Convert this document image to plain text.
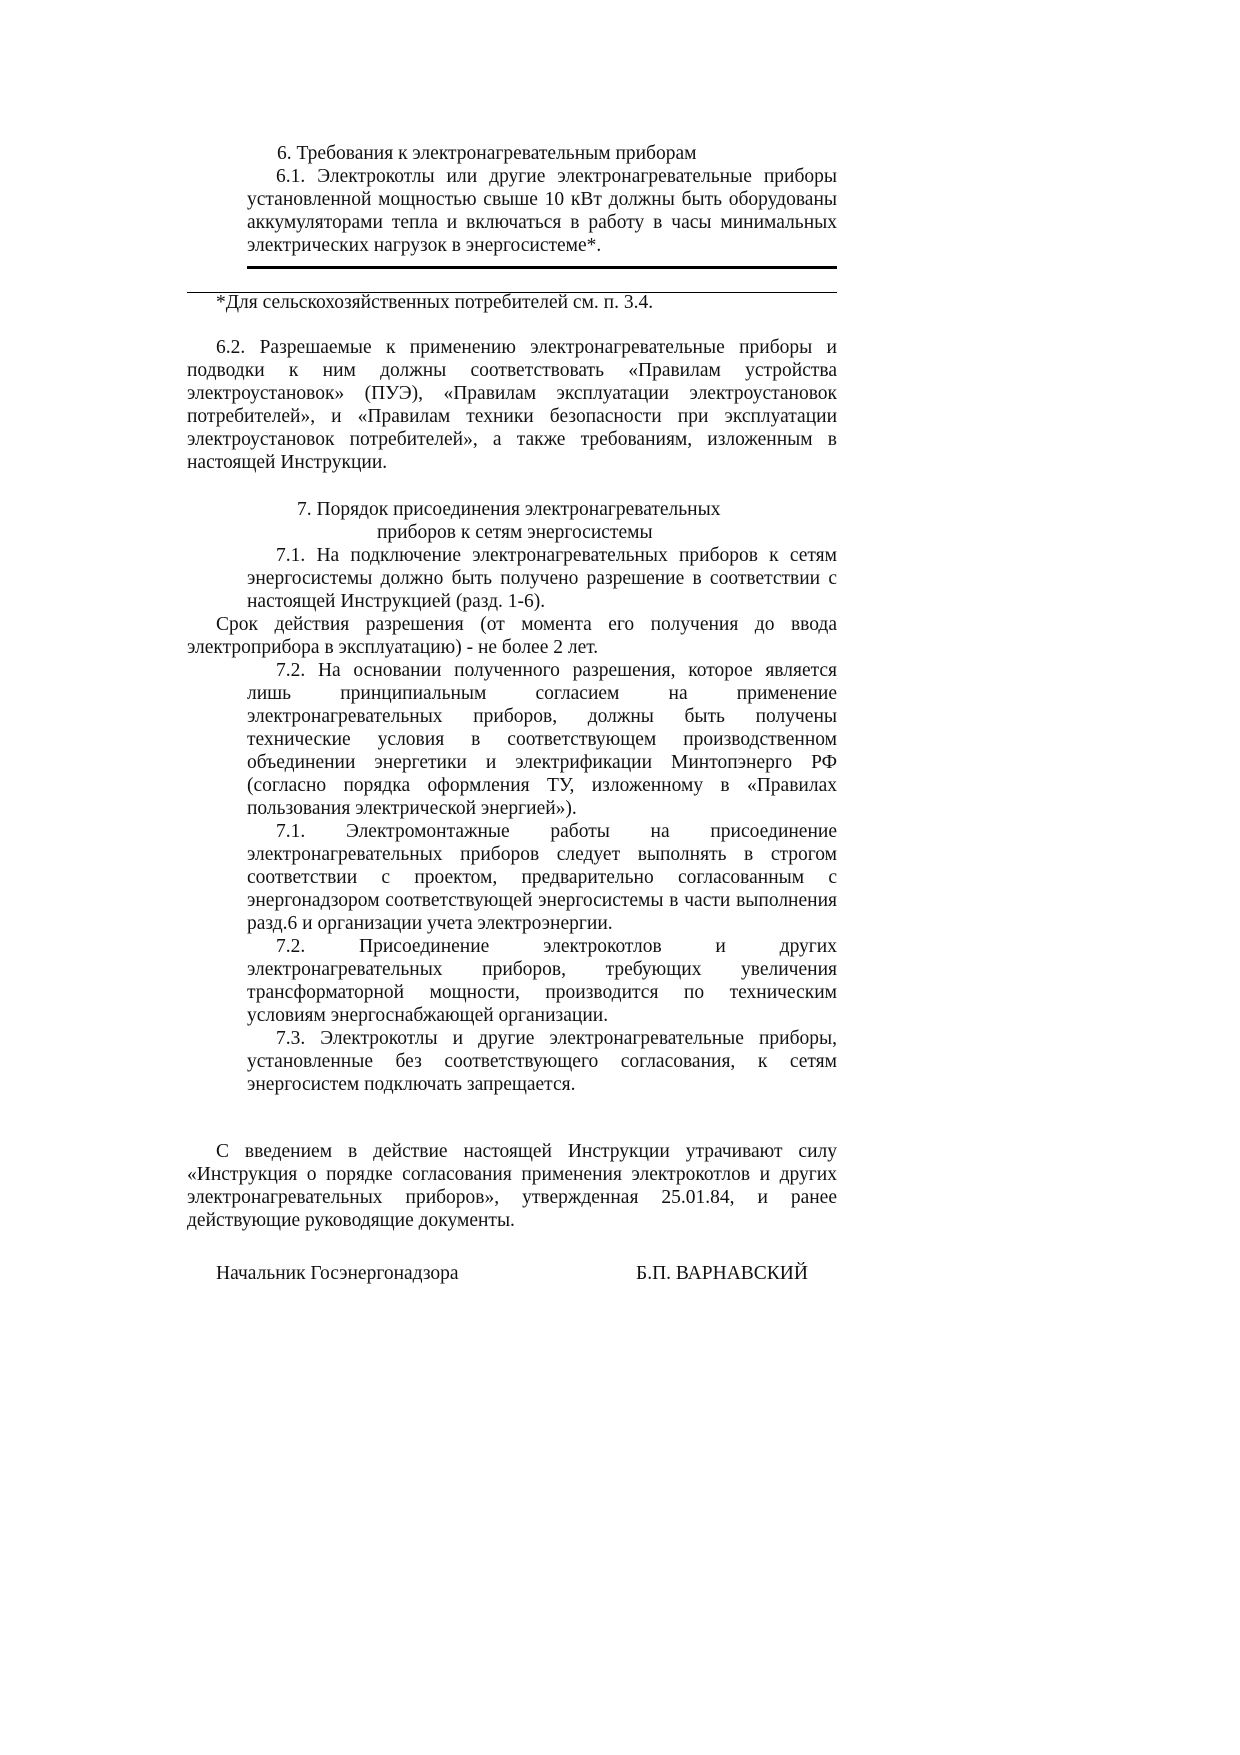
6. Требования к электронагревательным приборам

6.1. Электрокотлы или другие электронагревательные приборы установленной мощностью свыше 10 кВт должны быть оборудованы аккумуляторами тепла и включаться в работу в часы минимальных электрических нагрузок в энергосистеме*.

*Для сельскохозяйственных потребителей см. п. 3.4.

6.2. Разрешаемые к применению электронагревательные приборы и подводки к ним должны соответствовать «Правилам устройства электроустановок» (ПУЭ), «Правилам эксплуатации электроустановок потребителей», и «Правилам техники безопасности при эксплуатации электроустановок потребителей», а также требованиям, изложенным в настоящей Инструкции.

7. Порядок присоединения электронагревательных

приборов к сетям энергосистемы

7.1. На подключение электронагревательных приборов к сетям энергосистемы должно быть получено разрешение в соответствии с настоящей Инструкцией (разд. 1-6).

Срок действия разрешения (от момента его получения до ввода электроприбора в эксплуатацию) - не более 2 лет.

7.2. На основании полученного разрешения, которое является лишь принципиальным согласием на применение электронагревательных приборов, должны быть получены технические условия в соответствующем производственном объединении энергетики и электрификации Минтопэнерго РФ (согласно порядка оформления ТУ, изложенному в «Правилах пользования электрической энергией»).

7.1. Электромонтажные работы на присоединение электронагревательных приборов следует выполнять в строгом соответствии с проектом, предварительно согласованным с энергонадзором соответствующей энергосистемы в части выполнения разд.6 и организации учета электроэнергии.

7.2. Присоединение электрокотлов и других электронагревательных приборов, требующих увеличения трансформаторной мощности, производится по техническим условиям энергоснабжающей организации.

7.3. Электрокотлы и другие электронагревательные приборы, установленные без соответствующего согласования, к сетям энергосистем подключать запрещается.

С введением в действие настоящей Инструкции утрачивают силу «Инструкция о порядке согласования применения электрокотлов и других электронагревательных приборов», утвержденная 25.01.84, и ранее действующие руководящие документы.

Начальник Госэнергонадзора	Б.П. ВАРНАВСКИЙ
